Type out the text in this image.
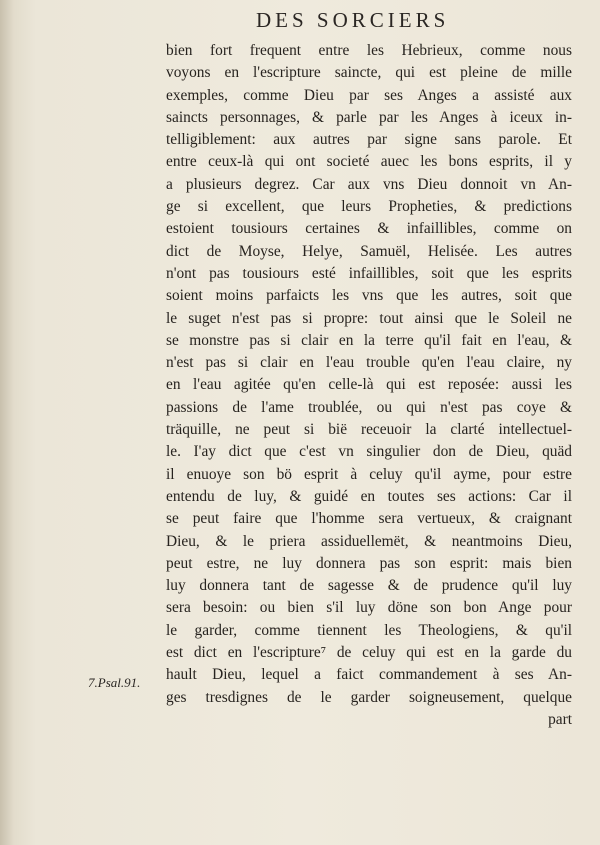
DES SORCIERS
bien fort frequent entre les Hebrieux, comme nous
voyons en l'escripture saincte, qui est pleine de mille
exemples, comme Dieu par ses Anges a assisté aux
saincts personnages, & parle par les Anges à iceux in-
telligiblement: aux autres par signe sans parole. Et
entre ceux-là qui ont societé auec les bons esprits, il y
a plusieurs degrez. Car aux vns Dieu donnoit vn An-
ge si excellent, que leurs Propheties, & predictions
estoient tousiours certaines & infaillibles, comme on
dict de Moyse, Helye, Samuël, Helisée. Les autres
n'ont pas tousiours esté infaillibles, soit que les esprits
soient moins parfaicts les vns que les autres, soit que
le suget n'est pas si propre: tout ainsi que le Soleil ne
se monstre pas si clair en la terre qu'il fait en l'eau, &
n'est pas si clair en l'eau trouble qu'en l'eau claire, ny
en l'eau agitée qu'en celle-là qui est reposée: aussi les
passions de l'ame troublée, ou qui n'est pas coye &
träquille, ne peut si bië receuoir la clarté intellectuel-
le. I'ay dict que c'est vn singulier don de Dieu, quäd
il enuoye son bö esprit à celuy qu'il ayme, pour estre
entendu de luy, & guidé en toutes ses actions: Car il
se peut faire que l'homme sera vertueux, & craignant
Dieu, & le priera assiduellemët, & neantmoins Dieu,
peut estre, ne luy donnera pas son esprit: mais bien
luy donnera tant de sagesse & de prudence qu'il luy
sera besoin: ou bien s'il luy döne son bon Ange pour
le garder, comme tiennent les Theologiens, & qu'il
est dict en l'escripture⁷ de celuy qui est en la garde du
hault Dieu, lequel a faict commandement à ses An-
ges tresdignes de le garder soigneusement, quelque
part
7.Psal.91.
